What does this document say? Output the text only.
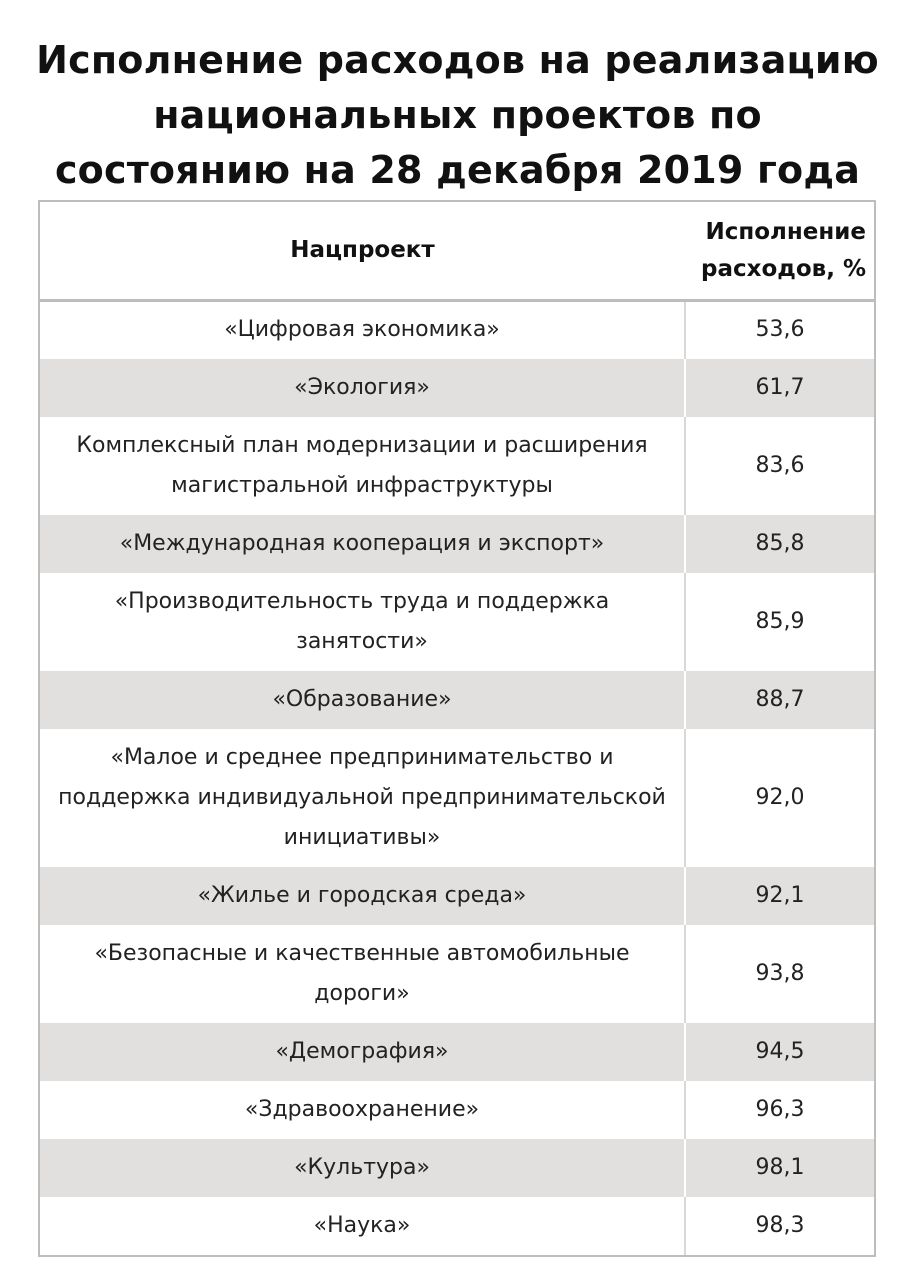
Исполнение расходов на реализацию
национальных проектов по
состоянию на 28 декабря 2019 года
Нацпроект	Исполнение
расходов, %

«Цифровая экономика»	53,6
«Экология»	61,7
Комплексный план модернизации и расширения магистральной инфраструктуры	83,6
«Международная кооперация и экспорт»	85,8
«Производительность труда и поддержка занятости»	85,9
«Образование»	88,7
«Малое и среднее предпринимательство и поддержка индивидуальной предпринимательской инициативы»	92,0
«Жилье и городская среда»	92,1
«Безопасные и качественные автомобильные дороги»	93,8
«Демография»	94,5
«Здравоохранение»	96,3
«Культура»	98,1
«Наука»	98,3
